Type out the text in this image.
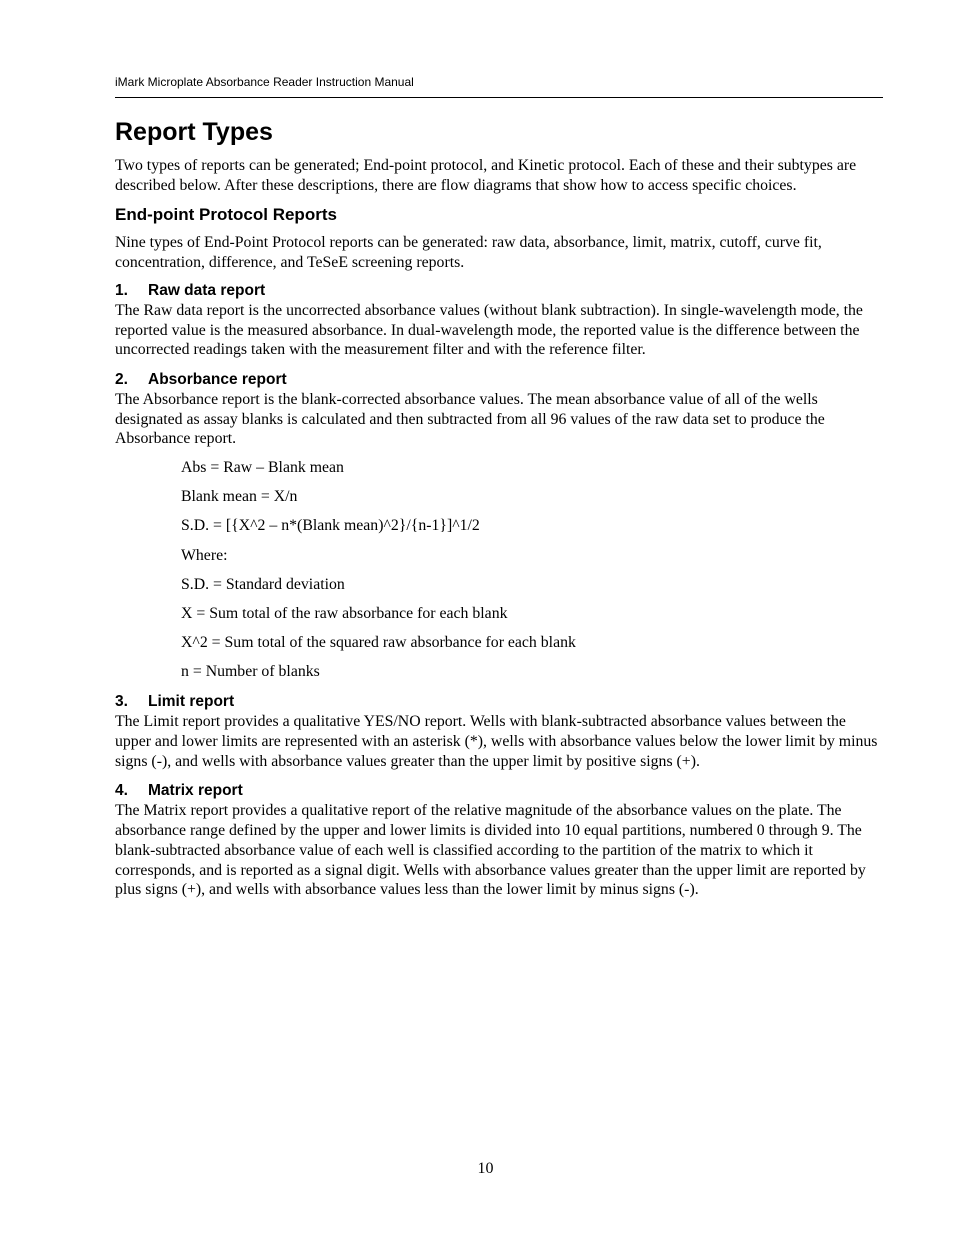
iMark Microplate Absorbance Reader Instruction Manual
Report Types

Two types of reports can be generated; End-point protocol, and Kinetic protocol. Each of these and their subtypes are described below. After these descriptions, there are flow diagrams that show how to access specific choices.

End-point Protocol Reports

Nine types of End-Point Protocol reports can be generated: raw data, absorbance, limit, matrix, cutoff, curve fit, concentration, difference, and TeSeE screening reports.

1. Raw data report

The Raw data report is the uncorrected absorbance values (without blank subtraction). In single-wavelength mode, the reported value is the measured absorbance. In dual-wavelength mode, the reported value is the difference between the uncorrected readings taken with the measurement filter and with the reference filter.

2. Absorbance report

The Absorbance report is the blank-corrected absorbance values. The mean absorbance value of all of the wells designated as assay blanks is calculated and then subtracted from all 96 values of the raw data set to produce the Absorbance report.

Abs = Raw – Blank mean
Blank mean = X/n
S.D. = [{X^2 – n*(Blank mean)^2}/{n-1}]^1/2
Where:
S.D. = Standard deviation
X = Sum total of the raw absorbance for each blank
X^2 = Sum total of the squared raw absorbance for each blank
n = Number of blanks
3. Limit report

The Limit report provides a qualitative YES/NO report. Wells with blank-subtracted absorbance values between the upper and lower limits are represented with an asterisk (*), wells with absorbance values below the lower limit by minus signs (-), and wells with absorbance values greater than the upper limit by positive signs (+).

4. Matrix report

The Matrix report provides a qualitative report of the relative magnitude of the absorbance values on the plate. The absorbance range defined by the upper and lower limits is divided into 10 equal partitions, numbered 0 through 9. The blank-subtracted absorbance value of each well is classified according to the partition of the matrix to which it corresponds, and is reported as a signal digit. Wells with absorbance values greater than the upper limit are reported by plus signs (+), and wells with absorbance values less than the lower limit by minus signs (-).

10
